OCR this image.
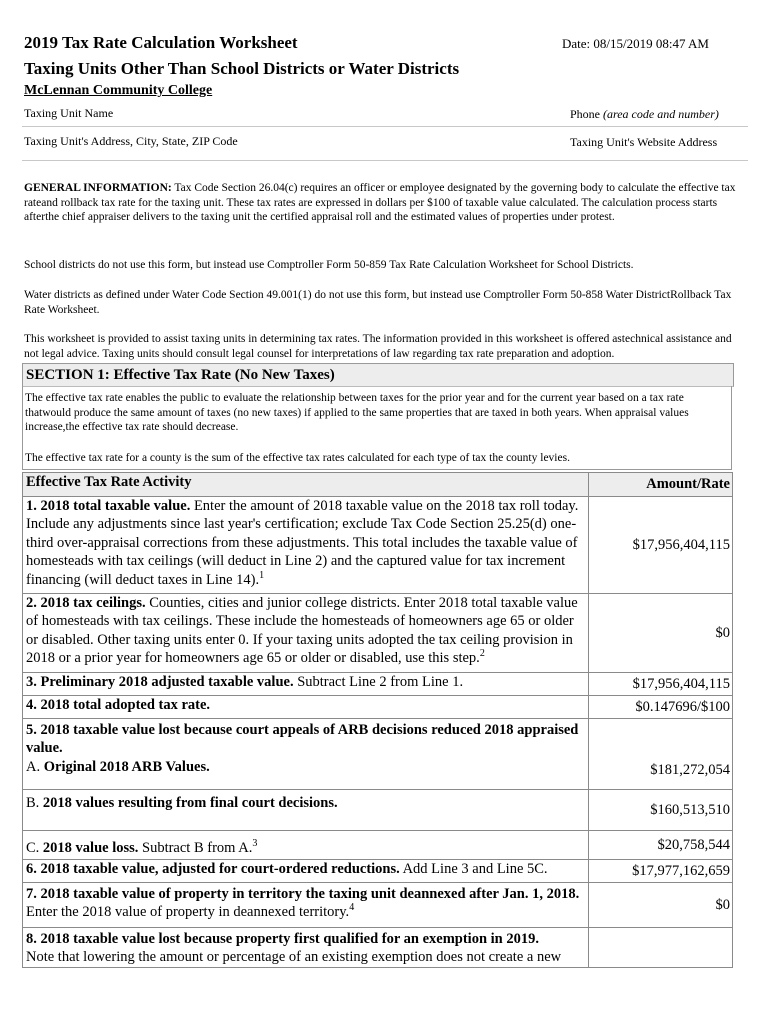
2019 Tax Rate Calculation Worksheet	Date: 08/15/2019 08:47 AM
Taxing Units Other Than School Districts or Water Districts
McLennan Community College
Taxing Unit Name	Phone (area code and number)
Taxing Unit's Address, City, State, ZIP Code	Taxing Unit's Website Address
GENERAL INFORMATION: Tax Code Section 26.04(c) requires an officer or employee designated by the governing body to calculate the effective tax rateand rollback tax rate for the taxing unit. These tax rates are expressed in dollars per $100 of taxable value calculated. The calculation process starts afterthe chief appraiser delivers to the taxing unit the certified appraisal roll and the estimated values of properties under protest.
School districts do not use this form, but instead use Comptroller Form 50-859 Tax Rate Calculation Worksheet for School Districts.
Water districts as defined under Water Code Section 49.001(1) do not use this form, but instead use Comptroller Form 50-858 Water DistrictRollback Tax Rate Worksheet.
This worksheet is provided to assist taxing units in determining tax rates. The information provided in this worksheet is offered astechnical assistance and not legal advice. Taxing units should consult legal counsel for interpretations of law regarding tax rate preparation and adoption.
SECTION 1: Effective Tax Rate (No New Taxes)
The effective tax rate enables the public to evaluate the relationship between taxes for the prior year and for the current year based on a tax rate thatwould produce the same amount of taxes (no new taxes) if applied to the same properties that are taxed in both years. When appraisal values increase,the effective tax rate should decrease.
The effective tax rate for a county is the sum of the effective tax rates calculated for each type of tax the county levies.
Effective Tax Rate Activity	Amount/Rate
1. 2018 total taxable value. Enter the amount of 2018 taxable value on the 2018 tax roll today. Include any adjustments since last year's certification; exclude Tax Code Section 25.25(d) one-third over-appraisal corrections from these adjustments. This total includes the taxable value of homesteads with tax ceilings (will deduct in Line 2) and the captured value for tax increment financing (will deduct taxes in Line 14).$^1$	$17,956,404,115
2. 2018 tax ceilings. Counties, cities and junior college districts. Enter 2018 total taxable value of homesteads with tax ceilings. These include the homesteads of homeowners age 65 or older or disabled. Other taxing units enter 0. If your taxing units adopted the tax ceiling provision in 2018 or a prior year for homeowners age 65 or older or disabled, use this step.$^2$	$0
3. Preliminary 2018 adjusted taxable value. Subtract Line 2 from Line 1.	$17,956,404,115
4. 2018 total adopted tax rate.	$0.147696/$100
5. 2018 taxable value lost because court appeals of ARB decisions reduced 2018 appraised value.
A. Original 2018 ARB Values.	$181,272,054
B. 2018 values resulting from final court decisions.	$160,513,510
C. 2018 value loss. Subtract B from A.$^3$	$20,758,544
6. 2018 taxable value, adjusted for court-ordered reductions. Add Line 3 and Line 5C.	$17,977,162,659
7. 2018 taxable value of property in territory the taxing unit deannexed after Jan. 1, 2018. Enter the 2018 value of property in deannexed territory.$^4$	$0
8. 2018 taxable value lost because property first qualified for an exemption in 2019.
Note that lowering the amount or percentage of an existing exemption does not create a new	
